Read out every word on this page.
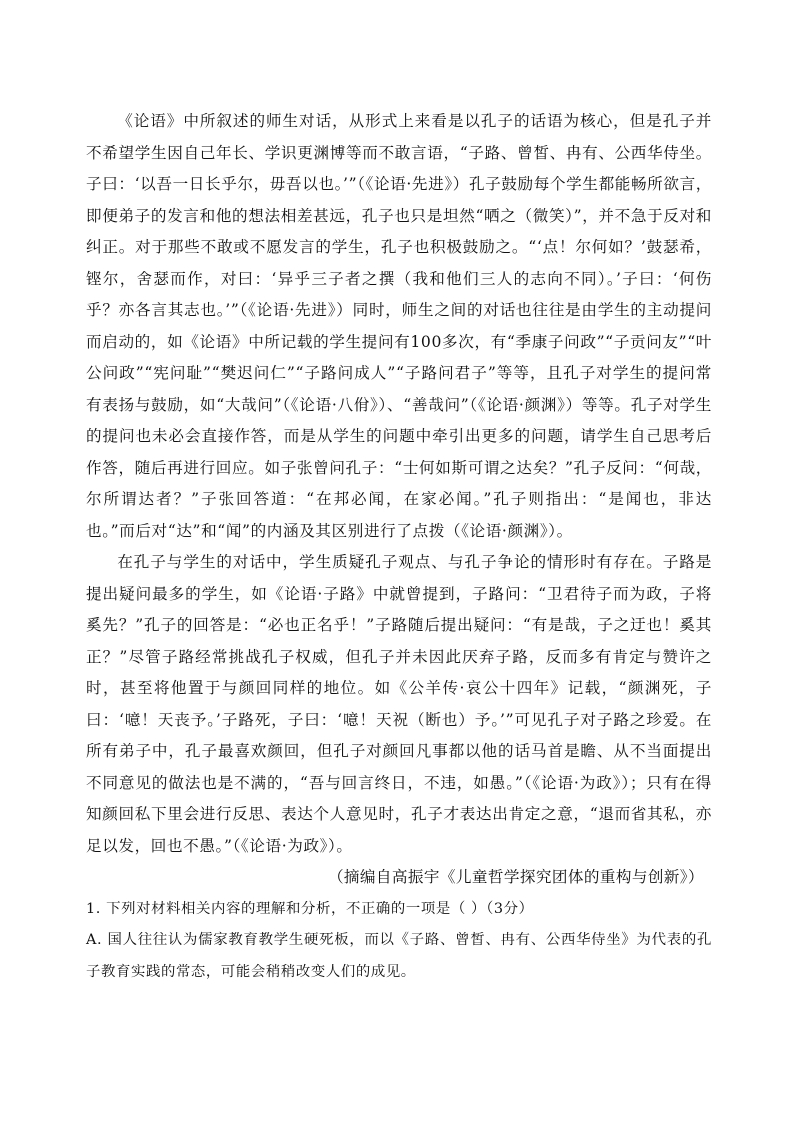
《论语》中所叙述的师生对话，从形式上来看是以孔子的话语为核心，但是孔子并不希望学生因自己年长、学识更渊博等而不敢言语，“子路、曾皙、冉有、公西华侍坐。子曰：‘以吾一日长乎尔，毋吾以也。’”（《论语·先进》）孔子鼓励每个学生都能畅所欲言，即便弟子的发言和他的想法相差甚远，孔子也只是坦然“哂之（微笑）”，并不急于反对和纠正。对于那些不敢或不愿发言的学生，孔子也积极鼓励之。“‘点！尔何如？’鼓瑟希，铿尔，舍瑟而作，对曰：‘异乎三子者之撰（我和他们三人的志向不同）。’子曰：‘何伤乎？亦各言其志也。’”（《论语·先进》）同时，师生之间的对话也往往是由学生的主动提问而启动的，如《论语》中所记载的学生提问有100多次，有“季康子问政”“子贡问友”“叶公问政”“宪问耻”“樊迟问仁”“子路问成人”“子路问君子”等等，且孔子对学生的提问常有表扬与鼓励，如“大哉问”（《论语·八佾》）、“善哉问”（《论语·颜渊》）等等。孔子对学生的提问也未必会直接作答，而是从学生的问题中牵引出更多的问题，请学生自己思考后作答，随后再进行回应。如子张曾问孔子：“士何如斯可谓之达矣？”孔子反问：“何哉，尔所谓达者？”子张回答道：“在邦必闻，在家必闻。”孔子则指出：“是闻也，非达也。”而后对“达”和“闻”的内涵及其区别进行了点拨（《论语·颜渊》）。

在孔子与学生的对话中，学生质疑孔子观点、与孔子争论的情形时有存在。子路是提出疑问最多的学生，如《论语·子路》中就曾提到，子路问：“卫君待子而为政，子将奚先？”孔子的回答是：“必也正名乎！”子路随后提出疑问：“有是哉，子之迂也！奚其正？”尽管子路经常挑战孔子权威，但孔子并未因此厌弃子路，反而多有肯定与赞许之时，甚至将他置于与颜回同样的地位。如《公羊传·哀公十四年》记载，“颜渊死，子曰：‘噫！天丧予。’子路死，子曰：‘噫！天祝（断也）予。’”可见孔子对子路之珍爱。在所有弟子中，孔子最喜欢颜回，但孔子对颜回凡事都以他的话马首是瞻、从不当面提出不同意见的做法也是不满的，“吾与回言终日，不违，如愚。”（《论语·为政》）；只有在得知颜回私下里会进行反思、表达个人意见时，孔子才表达出肯定之意，“退而省其私，亦足以发，回也不愚。”（《论语·为政》）。

（摘编自高振宇《儿童哲学探究团体的重构与创新》）

1. 下列对材料相关内容的理解和分析，不正确的一项是（ ）（3分）

A. 国人往往认为儒家教育教学生硬死板，而以《子路、曾皙、冉有、公西华侍坐》为代表的孔子教育实践的常态，可能会稍稍改变人们的成见。
